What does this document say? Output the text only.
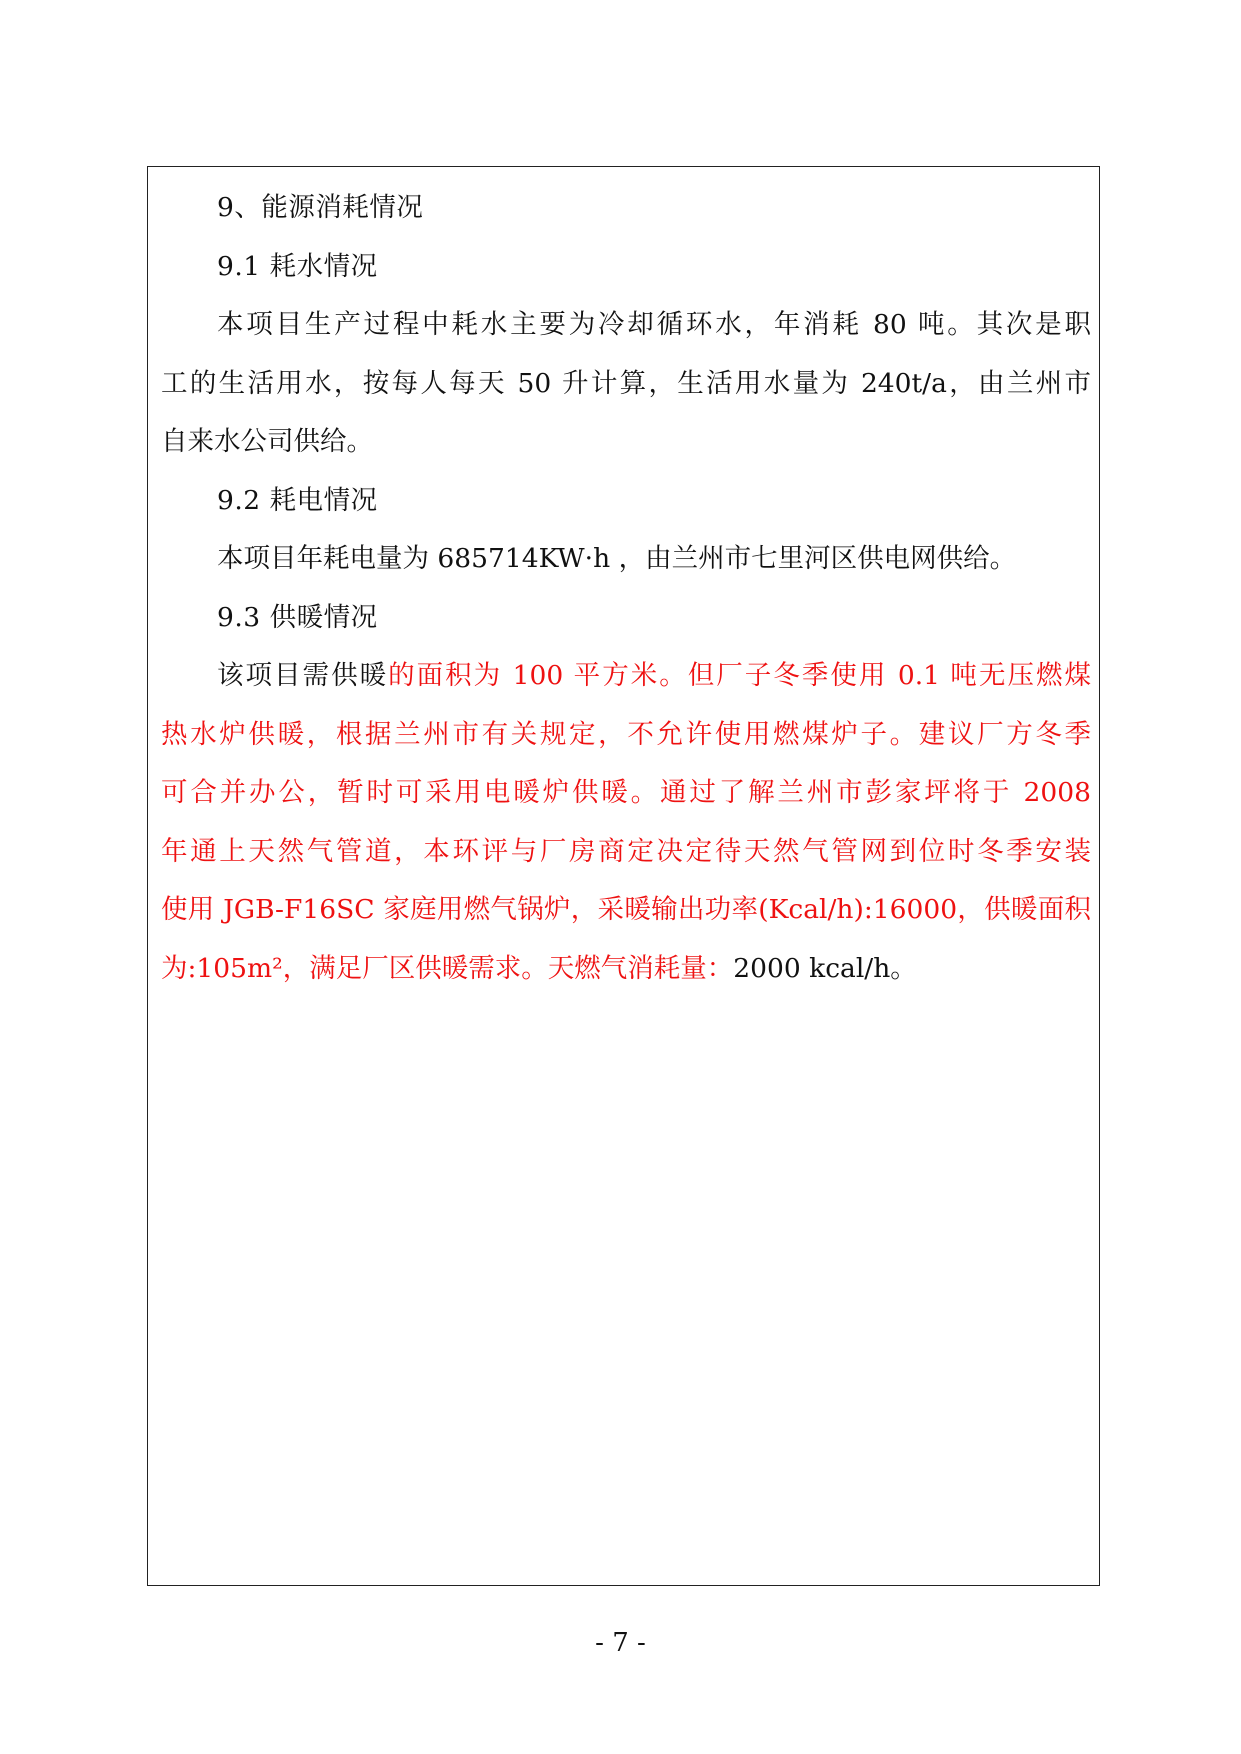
9、能源消耗情况
9.1 耗水情况
本项目生产过程中耗水主要为冷却循环水，年消耗 80 吨。其次是职
工的生活用水，按每人每天 50 升计算，生活用水量为 240t/a，由兰州市
自来水公司供给。
9.2 耗电情况
本项目年耗电量为 685714KW·h ，由兰州市七里河区供电网供给。
9.3 供暖情况
该项目需供暖的面积为 100 平方米。但厂子冬季使用 0.1 吨无压燃煤
热水炉供暖，根据兰州市有关规定，不允许使用燃煤炉子。建议厂方冬季
可合并办公，暂时可采用电暖炉供暖。通过了解兰州市彭家坪将于 2008
年通上天然气管道，本环评与厂房商定决定待天然气管网到位时冬季安装
使用 JGB-F16SC 家庭用燃气锅炉，采暖输出功率(Kcal/h):16000，供暖面积
为:105m²，满足厂区供暖需求。天燃气消耗量：2000 kcal/h。
- 7 -
